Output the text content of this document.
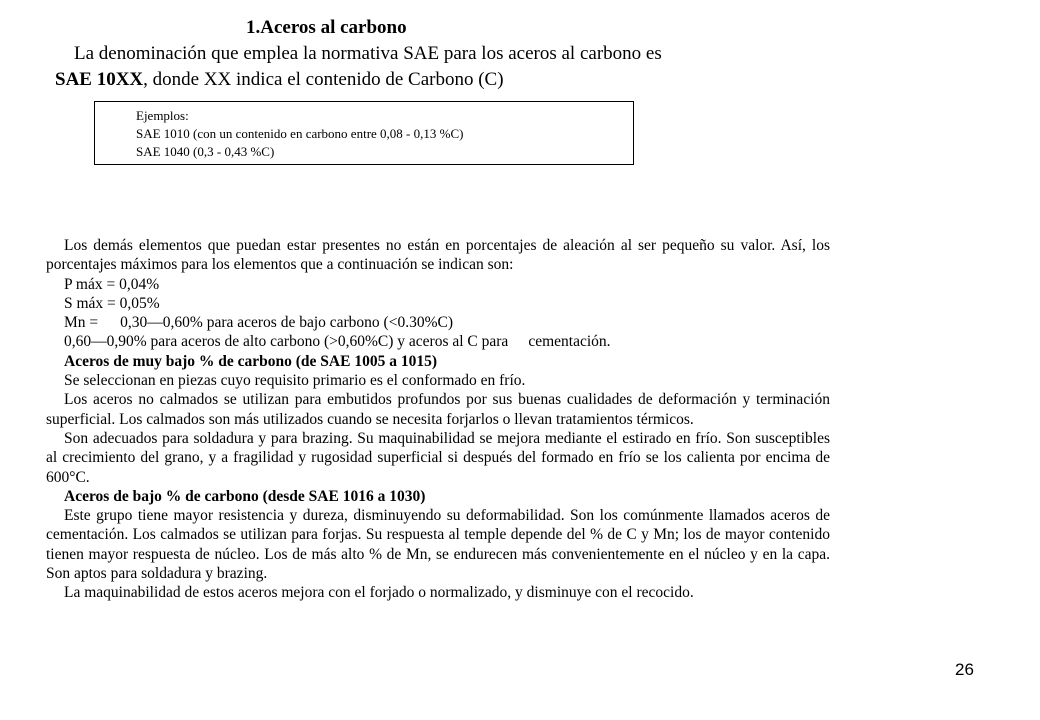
1.Aceros al carbono
La denominación que emplea la normativa SAE para los aceros al carbono es
SAE 10XX, donde XX indica el contenido de Carbono (C)
Ejemplos:
SAE 1010 (con un contenido en carbono entre 0,08 - 0,13 %C)
SAE 1040 (0,3 - 0,43 %C)

Los demás elementos que puedan estar presentes no están en porcentajes de aleación al ser pequeño su valor. Así, los porcentajes máximos para los elementos que a continuación se indican son:

P máx = 0,04%

S máx = 0,05%

Mn = 0,30—0,60% para aceros de bajo carbono (<0.30%C)

0,60—0,90% para aceros de alto carbono (>0,60%C) y aceros al C para cementación.

Aceros de muy bajo % de carbono (de SAE 1005 a 1015)

Se seleccionan en piezas cuyo requisito primario es el conformado en frío.

Los aceros no calmados se utilizan para embutidos profundos por sus buenas cualidades de deformación y terminación superficial. Los calmados son más utilizados cuando se necesita forjarlos o llevan tratamientos térmicos.

Son adecuados para soldadura y para brazing. Su maquinabilidad se mejora mediante el estirado en frío. Son susceptibles al crecimiento del grano, y a fragilidad y rugosidad superficial si después del formado en frío se los calienta por encima de 600°C.

Aceros de bajo % de carbono (desde SAE 1016 a 1030)

Este grupo tiene mayor resistencia y dureza, disminuyendo su deformabilidad. Son los comúnmente llamados aceros de cementación. Los calmados se utilizan para forjas. Su respuesta al temple depende del % de C y Mn; los de mayor contenido tienen mayor respuesta de núcleo. Los de más alto % de Mn, se endurecen más convenientemente en el núcleo y en la capa. Son aptos para soldadura y brazing.

La maquinabilidad de estos aceros mejora con el forjado o normalizado, y disminuye con el recocido.

26
